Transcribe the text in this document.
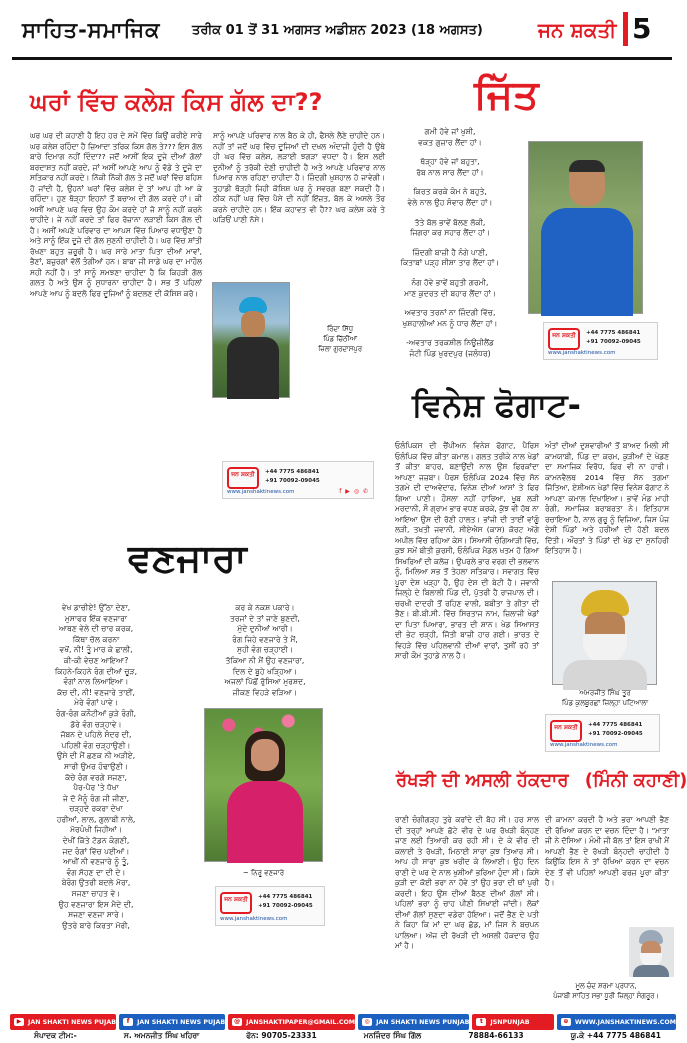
ਸਾਹਿਤ-ਸਮਾਜਿਕ ਤਰੀਕ 01 ਤੋਂ 31 ਅਗਸਤ ਅਡੀਸ਼ਨ 2023 (18 ਅਗਸਤ)	ਜਨ ਸ਼ਕਤੀ 5
ਘਰਾਂ ਵਿੱਚ ਕਲੇਸ਼ ਕਿਸ ਗੱਲ ਦਾ??
ਘਰ ਘਰ ਦੀ ਕਹਾਣੀ ਹੈ ਇਹ ਹਰ ਦੇ ਸਮੇਂ ਵਿੱਚ ਕਿਉਂ ਕਰੀਏ ਸਾਰੇ ਘਰ ਕਲੇਸ਼ ਰਹਿੰਦਾ ਹੈ ਜ਼ਿਆਦਾ ਤਰਿਕ ਕਿਸ ਗੱਲ ਤੇ??? ਇਸ ਗੱਲ ਬਾਰੇ ਦਿਮਾਗ ਨਹੀਂ ਦਿੰਦਾ?? ਜਦੋਂ ਆਸੀਂ ਇਕ ਦੂਜੇ ਦੀਆਂ ਗੱਲਾਂ ਬਰਦਾਸ਼ਤ ਨਹੀਂ ਕਰਦੇ, ਜਾਂ ਅਸੀਂ ਆਪਣੇ ਆਪ ਨੂੰ ਵੱਡੇ ਤੇ ਦੂਜੇ ਦਾ ਸਤਿਕਾਰ ਨਹੀਂ ਕਰਦੇ। ਨਿੱਕੀ ਨਿੱਕੀ ਗੱਲ ਤੇ ਜਦੋਂ ਘਰਾਂ ਵਿੱਚ ਬਹਿਸ ਹੋ ਜਾਂਦੀ ਹੈ, ਉਹਨਾਂ ਘਰਾਂ ਵਿੱਚ ਕਲੇਸ਼ ਦੇ ਤਾਂ ਆਪ ਹੀ ਆ ਕੇ ਰਹਿੰਦਾ। ਹੁਣ ਥੋੜ੍ਹਾ ਇਹਨਾਂ ਤੋਂ ਬਚਾਅ ਦੀ ਗੱਲ ਕਰਦੇ ਹਾਂ। ਕੀ ਅਸੀਂ ਆਪਣੇ ਘਰ ਵਿਚ ਉਹ ਕੰਮ ਕਰਦੇ ਹਾਂ ਜੋ ਸਾਨੂੰ ਨਹੀਂ ਕਰਨੇ ਚਾਹੀਦੇ। ਜੇ ਨਹੀਂ ਕਰਦੇ ਤਾਂ ਫਿਰ ਰੋਜ਼ਾਨਾ ਲੜਾਈ ਕਿਸ ਗੱਲ ਦੀ ਹੈ। ਅਸੀਂ ਅਪਣੇ ਪਰਿਵਾਰ ਦਾ ਆਪਸ ਵਿੱਚ ਪਿਆਰ ਵਧਾਉਣਾ ਹੈ ਅਤੇ ਸਾਨੂੰ ਇੱਕ ਦੂਜੇ ਦੀ ਗੱਲ ਸੁਣਨੀ ਚਾਹੀਦੀ ਹੈ। ਘਰ ਵਿੱਚ ਸ਼ਾਂਤੀ ਰੱਖਣਾ ਬਹੁਤ ਜ਼ਰੂਰੀ ਹੈ। ਘਰ ਸਾਰੇ ਮਾਤਾ ਪਿਤਾ ਦੀਆਂ ਮਾਵਾਂ, ਭੈਣਾਂ, ਬਜ਼ੁਰਗਾਂ ਵੱਲੋਂ ਤੰਗੀਆਂ ਹਨ। ਬਾਬਾ ਜੀ ਸਾਡੇ ਘਰ ਦਾ ਮਾਹੌਲ ਸਹੀ ਨਹੀਂ ਹੈ। ਤਾਂ ਸਾਨੂੰ ਸਮਝਣਾ ਚਾਹੀਦਾ ਹੈ ਕਿ ਕਿਹੜੀ ਗੱਲ ਗਲਤ ਹੈ ਅਤੇ ਉਸ ਨੂੰ ਸੁਧਾਰਨਾ ਚਾਹੀਦਾ ਹੈ। ਸਭ ਤੋਂ ਪਹਿਲਾਂ ਆਪਣੇ ਆਪ ਨੂੰ ਬਦਲੋ ਫਿਰ ਦੂਜਿਆਂ ਨੂੰ ਬਦਲਣ ਦੀ ਕੋਸ਼ਿਸ਼ ਕਰੋ।
ਸਾਨੂੰ ਆਪਣੇ ਪਰਿਵਾਰ ਨਾਲ ਬੈਠ ਕੇ ਹੀ, ਫੈਸਲੇ ਲੈਣੇ ਚਾਹੀਦੇ ਹਨ। ਨਹੀਂ ਤਾਂ ਜਦੋਂ ਘਰ ਵਿੱਚ ਦੂਜਿਆਂ ਦੀ ਦਖਲ ਅੰਦਾਜ਼ੀ ਹੁੰਦੀ ਹੈ ਉਥੇ ਹੀ ਘਰ ਵਿੱਚ ਕਲੇਸ਼, ਲੜਾਈ ਝਗੜਾ ਵਧਦਾ ਹੈ। ਇਸ ਲਈ ਦੁਨੀਆਂ ਨੂੰ ਤਰੱਕੀ ਦੇਣੀ ਚਾਹੀਦੀ ਹੈ ਅਤੇ ਆਪਣੇ ਪਰਿਵਾਰ ਨਾਲ ਪਿਆਰ ਨਾਲ ਰਹਿਣਾ ਚਾਹੀਦਾ ਹੈ। ਜ਼ਿੰਦਗੀ ਖੁਸ਼ਹਾਲ ਹੋ ਜਾਵੇਗੀ। ਤੁਹਾਡੀ ਥੋੜ੍ਹੀ ਜਿਹੀ ਕੋਸ਼ਿਸ਼ ਘਰ ਨੂੰ ਸਵਰਗ ਬਣਾ ਸਕਦੀ ਹੈ। ਠੀਕ ਨਹੀਂ ਘਰ ਵਿੱਚ ਪੈਸੇ ਦੀ ਨਹੀਂ ਇੱਜ਼ਤ, ਬੋਲ ਕੇ ਅਸਲੇ ਤੌਰ ਕਰਨੇ ਚਾਹੀਦੇ ਹਨ। ਇੱਕ ਕਹਾਵਤ ਵੀ ਹੈ?? ਘਰ ਕਲੇਸ਼ ਕਰੇ ਤੇ ਘੜਿਓਂ ਪਾਣੀ ਨੱਸੇ।
ਰਿੰਦਾ ਸਿੱਧੂ
ਪਿੰਡ ਚਿੱਠੀਆਂ
ਜ਼ਿਲਾ ਗੁਰਦਾਸਪੁਰ
ਜਨ ਸ਼ਕਤੀ	+44 7775 486841
+91 70092-09045
www.janshaktinews.com	f ▶ ◎ ✆
ਜਿੱਤ

ਗਮੀ ਹੋਵੇ ਜਾਂ ਖੁਸ਼ੀ,

ਵਕਤ ਗੁਜ਼ਾਰ ਲੈਂਦਾ ਹਾਂ।

ਥੋੜ੍ਹਾ ਹੋਵੇ ਜਾਂ ਬਹੁਤਾ,

ਰੱਬ ਨਾਲ ਸਾਰ ਲੈਂਦਾ ਹਾਂ।

ਕਿਰਤ ਕਰਕੇ ਕੰਮ ਨੇ ਬਹੁਤੇ,

ਵੇਲੇ ਨਾਲ ਉਹ ਸੰਵਾਰ ਲੈਂਦਾ ਹਾਂ।

ਤੱਤੇ ਬੋਲ ਭਾਵੇਂ ਬੋਲਣ ਲੋਕੀ,

ਜਿਗਰਾ ਕਰ ਸਹਾਰ ਲੈਂਦਾ ਹਾਂ।

ਜ਼ਿੰਦਗੀ ਬਾਜ਼ੀ ਹੈ ਨੰਗੇ ਪਾਣੀ,

ਕਿਤਾਬਾਂ ਪੜ੍ਹ ਸ਼ੀਸ਼ਾ ਤਾਰ ਲੈਂਦਾ ਹਾਂ।

ਨੰਗ ਹੋਵੇ ਭਾਵੇਂ ਬਹੁਤੀ ਗਰਮੀ,

ਮਾਣ ਕੁਦਰਤ ਦੀ ਬਹਾਰ ਲੈਂਦਾ ਹਾਂ।

ਅਵਤਾਰ ਤਰਨਾਂ ਨਾ ਜ਼ਿੰਦਗੀ ਵਿੱਚ,

ਖੁਸ਼ਹਾਲੀਆਂ ਮਨ ਨੂੰ ਧਾਰ ਲੈਂਦਾ ਹਾਂ।

-ਅਵਤਾਰ ਤਰਕਸ਼ੀਲ ਨਿਊਜ਼ੀਲੈਂਡ

ਜੰਟੀ ਪਿੰਡ ਖੁਰਦਪੁਰ (ਜਲੰਧਰ)

ਜਨ ਸ਼ਕਤੀ	+44 7775 486841
+91 70092-09045
www.janshaktinews.com
ਵਿਨੇਸ਼ ਫੋਗਾਟ-
ਓਲੰਪਿਕਸ ਦੀ ਚੈਂਪੀਅਨ ਵਿਨੇਸ਼ ਫੋਗਾਟ, ਪੈਰਿਸ ਓਲੰਪਿਕ ਵਿੱਚ ਕੀਤਾ ਕਮਾਲ। ਗਲਤ ਤਰੀਕੇ ਨਾਲ ਖੇਡਾਂ ਤੋਂ ਕੀਤਾ ਬਾਹਰ, ਬਣਾਉਂਦੀ ਨਾਲ ਉਸ ਫਿਰਕਾਂਦਾ ਆਪਣਾ ਜਜ਼ਬਾ। ਪੈਰਸ ਓਲੰਪਿਕ 2024 ਵਿੱਚ ਸੋਨ ਤਗਮੇ ਦੀ ਦਾਅਵੇਦਾਰ, ਵਿਨੇਸ਼ ਦੀਆਂ ਆਸਾਂ ਤੇ ਫਿਰ ਗਿਆ ਪਾਣੀ। ਹੌਸਲਾ ਨਹੀਂ ਹਾਰਿਆ, ਖੂਬ ਲੜੀ ਮਰਦਾਨੀ, ਸੌ ਗ੍ਰਾਮ ਭਾਰ ਵਧਣ ਕਰਕੇ, ਕੁੱਝ ਵੀ ਹੱਥ ਨਾ ਆਇਆ ਉਸ ਦੀ ਰੋਣੀ ਹਾਲਤ। ਭਾਂਜੀ ਦੀ ਤਾਈਂ ਵਾਂਗੂੰ ਲੜੀ, ਤਖ਼ਤੀ ਜਵਾਨੀ, ਸੀਏਐਸ (ਕਾਸ) ਕੋਰਟ ਅੱਗੇ ਅਪੀਲ ਵਿੱਚ ਰਹਿਆ ਕੇਸ। ਸਿਆਸੀ ਚੰਗਿਆੜੀ ਵਿੱਚ, ਕੁਝ ਸਮੇਂ ਬੀਤੀ ਕੁਰਸੀ, ਓਲੰਪਿਕ ਮੈਡਲ ਖਤਮ ਹੋ ਗਿਆ ਸਿਖਰਿਆਂ ਦੀ ਕਲੋਜ਼। ਉਪਰਲੇ ਭਾਰ ਵਰਗ ਦੀ ਭਲਵਾਨ ਨੂੰ, ਮਿਲਿਆ ਸਭ ਤੋਂ ਤੇਹਲਾ ਸਤਿਕਾਰ। ਸਵਾਗਤ ਵਿੱਚ ਪੂਰਾ ਦੇਸ਼ ਖੜ੍ਹਾ ਹੈ, ਉਹ ਦੇਸ਼ ਦੀ ਬੇਟੀ ਹੈ। ਜਵਾਨੀ ਜਿਲ੍ਹੇ ਦੇ ਬਿਲਾਲੀ ਪਿੰਡ ਦੀ, ਪੁੱਤਰੀ ਹੈ ਰਾਜਪਾਲ ਦੀ। ਚਰਖੀ ਦਾਦਰੀ ਤੋਂ ਰਹਿਣ ਵਾਲੀ, ਬਬੀਤਾ ਤੇ ਗੀਤਾ ਦੀ ਭੈਣ। ਬੀ.ਬੀ.ਸੀ. ਵਿੱਚ ਸਿਰਤਾਜ ਨਾਮ, ਜ਼ਿਲਾਜੀ ਖੇਡਾਂ ਦਾ ਪਿਤਾ ਪਿਆਰਾ, ਭਾਰਤ ਦੀ ਸ਼ਾਨ। ਖੇਡ ਸਿਆਸਤ ਦੀ ਭੇਟ ਚੜ੍ਹੀ, ਜਿੱਤੀ ਬਾਜ਼ੀ ਹਾਰ ਗਈ। ਭਾਰਤ ਦੇ ਵਿਹੜੇ ਵਿੱਚ ਪਹਿਲਵਾਨੀ ਦੀਆਂ ਵਾਰਾਂ, ਤੁਸੀਂ ਰਹੋ ਤਾਂ ਸਾਰੀ ਕੌਮ ਤੁਹਾਡੇ ਨਾਲ ਹੈ।
ਅੰਤਾਂ ਦੀਆਂ ਦੁਸ਼ਵਾਰੀਆਂ ਤੋਂ ਬਾਅਦ ਮਿਲੀ ਸੀ ਕਾਮਯਾਬੀ, ਪਿੰਡ ਦਾ ਕਰਮ, ਕੁੜੀਆਂ ਦੇ ਖੇਡਣ ਦਾ ਸਮਾਜਿਕ ਵਿਰੋਧ, ਫਿਰ ਵੀ ਨਾ ਹਾਰੀ। ਕਾਮਨਵੈਲਥ 2014 ਵਿੱਚ ਸੋਨ ਤਗਮਾ ਜਿੱਤਿਆ, ਏਸ਼ੀਅਨ ਖੇਡਾਂ ਵਿੱਚ ਵਿਨੇਸ਼ ਫੋਗਾਟ ਨੇ ਆਪਣਾ ਕਮਾਲ ਦਿਖਾਇਆ। ਭਾਵੇਂ ਮੰਡ ਮਾਹੀ ਰੰਗੀ, ਸਮਾਜਿਕ ਬਰਾਬਰਤਾ ਨੇ। ਇਤਿਹਾਸ ਰਚਾਇਆ ਹੈ, ਨਾਲ ਗੁਰੂ ਨੂੰ ਵਿਜਿਆ, ਜਿਸ ਪੰਜ ਦੇਸ਼ੀ ਪਿੰਡਾਂ ਅਤੇ ਹਰੀਆਂ ਦੀ ਹੋਣੀ ਬਦਲ ਦਿੱਤੀ। ਔਰਤਾਂ ਤੇ ਪਿੰਡਾਂ ਦੀ ਖੇਡ ਦਾ ਸੁਨਹਿਰੀ ਇਤਿਹਾਸ ਹੈ।
ਅਮਰਜੀਤ ਸਿੰਘ ਤੂਰ
ਪਿੰਡ ਕੁਲਬੂਰਛਾਂ ਜ਼ਿਲ੍ਹਾ ਪਟਿਆਲਾ
ਜਨ ਸ਼ਕਤੀ	+44 7775 486841
+91 70092-09045
www.janshaktinews.com
ਵਣਜਾਰਾ

ਵੇਖ ਡਾਚੀਏ! ਉੱਠਾ ਦੇਣਾ,

ਮੁਸਾਫਰ ਇੱਕ ਵਣਜਾਰਾ

ਆਥਣ ਵੇਲੇ ਦੀ ਚਾਰ ਕਰਕ,

ਕਿੱਥਾ ਚੋਲ ਕਰਨਾ

ਵਖੋਂ, ਨੀ! ਤੂੰ ਮਾਰ ਕੇ ਛਾਲੀ,

ਕੀ-ਕੀ ਵੇਚਣ ਆਇਆ?

ਕਿਹਨੇ-ਕਿਹਨੇ ਰੰਗ ਦੀਆਂ ਚੂੜ,

ਵੰਗਾਂ ਨਾਲ ਲਿਆਇਆ।

ਕੱਚ ਦੀ, ਨੀ! ਵਣਜਾਰੇ ਤਾਈਂ,

ਮੇਰੇ ਵੰਗਾਂ ਪਾਵੇ।

ਰੰਗ-ਰੰਗ ਕਨੌਟੀਆਂ ਕੁੜੇ ਰੰਗੀ,

ਡੋਰੇ ਵੰਗ ਚੜ੍ਹਾਵੇ।

ਜੋਬਨ ਦੇ ਪਹਿਲੇ ਸੰਦਰ ਦੀ,

ਪਹਿਲੀ ਵੰਗ ਚੜ੍ਹਾਉਣੀ।

ਉਸੇ ਦੀ ਮੈਂ ਛਣਕ ਨੀ ਅੜੀਏ,

ਸਾਰੀ ਉਮਰ ਹੰਢਾਉਣੀ।

ਕੱਚੇ ਰੰਗ ਵਰਗੇ ਸਜਣਾ,

ਪੈਰ-ਪੈਰ 'ਤੇ ਧੋਖਾ

ਜੇ ਦੋ ਮੈਨੂੰ ਰੰਗ ਜੀ ਜੀਣਾ,

ਚੜ੍ਹਦੇ ਰਕਰਾ ਦੇਖਾ

ਹਰੀਆਂ, ਲਾਲ, ਗੁਲਾਬੀ ਨਾਲੇ,

ਮੋਰਪੰਖੀ ਜਿਹੀਆਂ।

ਦੇਖੀਂ ਕਿੱਤੇ ਟੋਡਨ ਕੰਗਣੀ,

ਜਦ ਰੰਗਾਂ ਵਿੱਚ ਪਈਆਂ।

ਆਖੀਂ ਨੀ ਵਣਜਾਰੇ ਨੂੰ ਤੂੰ,

ਵੰਗ ਸੋਹਣ ਦਾ ਦੀ ਦੇ।

ਬੇਰੰਗ ਉਤਰੀ ਬਦਲੇ ਮੋਰਾ,

ਸਜਣਾ ਚਾਹਤ ਵੇ।

ਉਹ ਵਣਜਾਰਾ ਇਸ ਮੈਦੇ ਦੀ,

ਸਜਣਾ ਵਣਜਾ ਸਾਰੇ।

ਉਤਰੇ ਬਾਰੇ ਕਿਰਤਾ ਮੋਰੀ,

ਕਰ ਕੇ ਨਕਸ਼ ਪਕਾਰੇ।

ਤਰਜਾਂ ਦੇ ਤਾਂ ਜਾਣੇ ਬੁਣਦੀ,

ਮੁੱਦੇ ਦੁਨੀਆਂ ਆਰੀ।

ਰੰਗ ਜਿਹੇ ਵਣਜਾਰੇ ਤੇ ਮੈਂ,

ਸੁਹੀ ਵੰਗ ਚੜ੍ਹਾਈ।

ਤੱਕਿਆ ਨੀ ਮੈਂ ਉਹ ਵਣਜਾਰਾ,

ਦਿਲ ਦੇ ਬੂਹੇ ਖੜ੍ਹਿਆ।

ਅਜਲਾਂ ਪਿੱਛੋਂ ਰੁੱਸਿਆ ਮੁਰਸ਼ਦ,

ਜੀਕਣ ਵਿਹੜੇ ਵੜਿਆ।

~ ਨਿਰੂ ਵਣਜਾਰੇ
ਜਨ ਸ਼ਕਤੀ	+44 7775 486841
+91 70092-09045
www.janshaktinews.com
ਰੱਖੜੀ ਦੀ ਅਸਲੀ ਹੱਕਦਾਰ (ਮਿੰਨੀ ਕਹਾਣੀ)
ਰਾਣੀ ਚੰਗੀਗੜ੍ਹ ਤੁਰੇ ਕਰਾਂਦੇ ਦੀ ਬੋਹ ਸੀ। ਹਰ ਸਾਲ ਦੀ ਤਰ੍ਹਾਂ ਆਪਣੇ ਛੋਟੇ ਵੀਰ ਦੇ ਘਰ ਰੱਖੜੀ ਬੰਨ੍ਹਣ ਜਾਣ ਲਈ ਤਿਆਰੀ ਕਰ ਰਹੀ ਸੀ। ਦੇ ਕੇ ਵੀਰ ਦੀ ਕਲਾਈ ਤੇ ਰੱਖੜੀ, ਮਿਠਾਈ ਸਾਰਾ ਕੁਝ ਤਿਆਰ ਸੀ। ਆਪ ਹੀ ਸਾਰਾ ਕੁਝ ਖਰੀਦ ਕੇ ਲਿਆਈ। ਉਹ ਦਿਨ ਰਾਣੀ ਦੇ ਘਰ ਦੇ ਨਾਲ ਖੁਸ਼ੀਆਂ ਭਰਿਆ ਹੁੰਦਾ ਸੀ। ਕਿਸੇ ਕੁੜੀ ਦਾ ਕੋਈ ਭਰਾ ਨਾ ਹੋਵੇ ਤਾਂ ਉਹ ਭਰਾ ਦੀ ਥਾਂ ਪੁਰੀ ਕਰਦੀ। ਇਹ ਉਸ ਦੀਆਂ ਬੈਠਣ ਦੀਆਂ ਗੱਲਾਂ ਸੀ। ਪਹਿਲਾਂ ਭਰਾ ਨੂੰ ਚਾਹ ਪੀਣੀ ਸਿਖਾਈ ਜਾਂਦੀ। ਲੋਕਾਂ ਦੀਆਂ ਗੱਲਾਂ ਸੁਣਦਾ ਵਡੇਰਾ ਹੋਇਆ। ਜਦੋਂ ਭੈਣ ਦੇ ਪਤੀ ਨੇ ਕਿਹਾ ਕਿ ਮਾਂ ਦਾ ਘਰ ਛੱਡ, ਮਾਂ ਜਿਸ ਨੇ ਬਚਪਨ ਪਾਲਿਆ। ਅੱਜ ਦੀ ਰੱਖੜੀ ਦੀ ਅਸਲੀ ਹੱਕਦਾਰ ਉਹ ਮਾਂ ਹੈ।
ਦੀ ਕਾਮਨਾ ਕਰਦੀ ਹੈ ਅਤੇ ਭਰਾ ਆਪਣੀ ਭੈਣ ਦੀ ਰੱਖਿਆ ਕਰਨ ਦਾ ਵਚਨ ਦਿੰਦਾ ਹੈ। "ਮਾਤਾ ਜੀ ਨੇ ਦੱਸਿਆ। ਮੰਮੀ ਜੀ ਬੋਲ ਤਾਂ ਇਸ ਰਾਖੀ ਮੈਂ ਆਪਣੀ ਭੈਣ ਦੇ ਰੱਖੜੀ ਬੰਨ੍ਹਦੀ ਚਾਹੀਦੀ ਹੈ ਕਿਉਂਕਿ ਇਸ ਨੇ ਤਾਂ ਰੱਖਿਆ ਕਰਨ ਦਾ ਵਚਨ ਦੇਣ ਤੋਂ ਵੀ ਪਹਿਲਾਂ ਆਪਣੀ ਫਰਜ਼ ਪੂਰਾ ਕੀਤਾ ਹੈ।
ਮੂਲ ਚੰਦ ਸ਼ਰਮਾ ਪ੍ਰਧਾਨ,
ਪੰਜਾਬੀ ਸਾਹਿਤ ਸਭਾ ਧੂਰੀ ਜ਼ਿਲ੍ਹਾ ਸੰਗਰੂਰ।
▶	JAN SHAKTI NEWS PUJAB	f	JAN SHAKTI NEWS PUJAB	@ JANSHAKTIPAPER@GMAIL.COM	◎	JAN SHAKTI NEWS PUNJAB	t	JSNPUNJAB	⊕	WWW.JANSHAKTINEWS.COM
ਸੰਪਾਦਕ ਟੀਮ:-	ਸ. ਅਮਨਜੀਤ ਸਿੰਘ ਖਹਿਰਾ	ਫੋਨ: 90705-23331	ਮਨਜਿੰਦਰ ਸਿੰਘ ਗਿੱਲ	78884-66133	ਯੂ.ਕੇ +44 7775 486841
